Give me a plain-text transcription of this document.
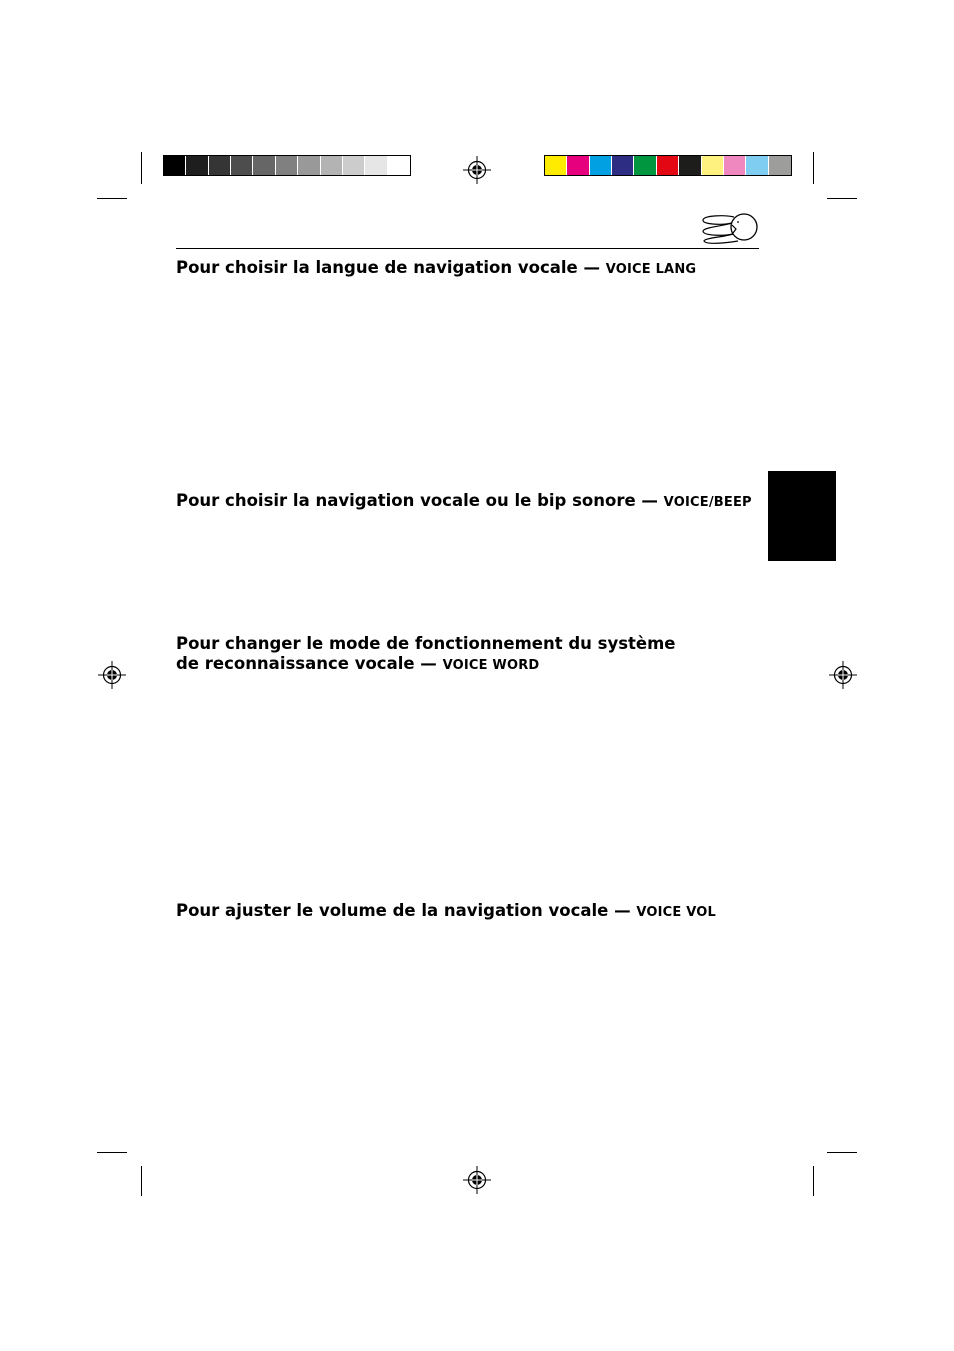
Pour choisir la langue de navigation vocale — VOICE LANG
Pour choisir la navigation vocale ou le bip sonore — VOICE/BEEP
Pour changer le mode de fonctionnement du système
de reconnaissance vocale — VOICE WORD
Pour ajuster le volume de la navigation vocale — VOICE VOL
